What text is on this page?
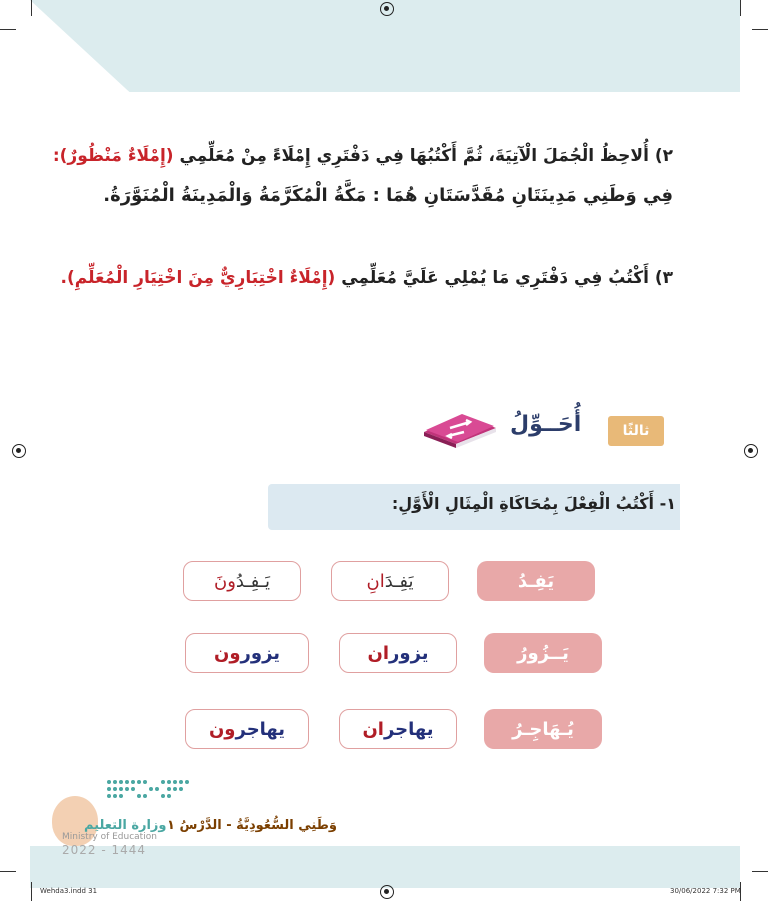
٢) أُلاحِظُ الْجُمَلَ الْآتِيَةَ، ثُمَّ أَكْتُبُهَا فِي دَفْتَرِي إِمْلَاءً مِنْ مُعَلِّمِي (إِمْلَاءٌ مَنْظُورٌ):
فِي وَطَنِي مَدِينَتَانِ مُقَدَّسَتَانِ هُمَا : مَكَّةُ الْمُكَرَّمَةُ وَالْمَدِينَةُ الْمُنَوَّرَةُ.
٣) أَكْتُبُ فِي دَفْتَرِي مَا يُمْلِي عَلَيَّ مُعَلِّمِي (إِمْلَاءٌ اخْتِبَارِيٌّ مِنَ اخْتِيَارِ الْمُعَلِّمِ).
ثالثًا
أُحَــوِّلُ
١- أَكْتُبُ الْفِعْلَ بِمُحَاكَاةِ الْمِثَالِ الْأَوَّلِ:
يَفِـدُ
يَفِـدَ
انِ
يَـفِـدُ
ونَ
يَــزُورُ
يزور
ان
يزور
ون
يُـهَاجِـرُ
يهاجر
ان
يهاجر
ون
وزارة التعليم
Ministry of Education
2022 - 1444
وَطَنِي السُّعُودِيَّةُ - الدَّرْسُ ١
Wehda3.indd 31	30/06/2022 7:32 PM
